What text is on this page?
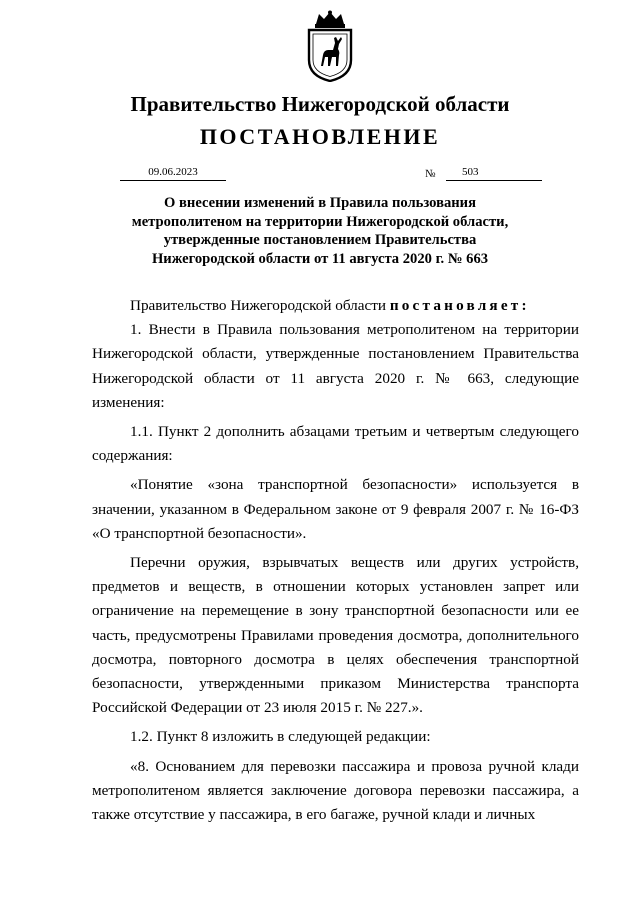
Правительство Нижегородской области
ПОСТАНОВЛЕНИЕ
09.06.2023	№	503
О внесении изменений в Правила пользования
метрополитеном на территории Нижегородской области,
утвержденные постановлением Правительства
Нижегородской области от 11 августа 2020 г. № 663

Правительство Нижегородской области постановляет:

1. Внести в Правила пользования метрополитеном на территории Нижегородской области, утвержденные постановлением Правительства Нижегородской области от 11 августа 2020 г. № 663, следующие изменения:

1.1. Пункт 2 дополнить абзацами третьим и четвертым следующего содержания:

«Понятие «зона транспортной безопасности» используется в значении, указанном в Федеральном законе от 9 февраля 2007 г. № 16-ФЗ «О транспортной безопасности».

Перечни оружия, взрывчатых веществ или других устройств, предметов и веществ, в отношении которых установлен запрет или ограничение на перемещение в зону транспортной безопасности или ее часть, предусмотрены Правилами проведения досмотра, дополнительного досмотра, повторного досмотра в целях обеспечения транспортной безопасности, утвержденными приказом Министерства транспорта Российской Федерации от 23 июля 2015 г. № 227.».

1.2. Пункт 8 изложить в следующей редакции:

«8. Основанием для перевозки пассажира и провоза ручной клади метрополитеном является заключение договора перевозки пассажира, а также отсутствие у пассажира, в его багаже, ручной клади и личных
